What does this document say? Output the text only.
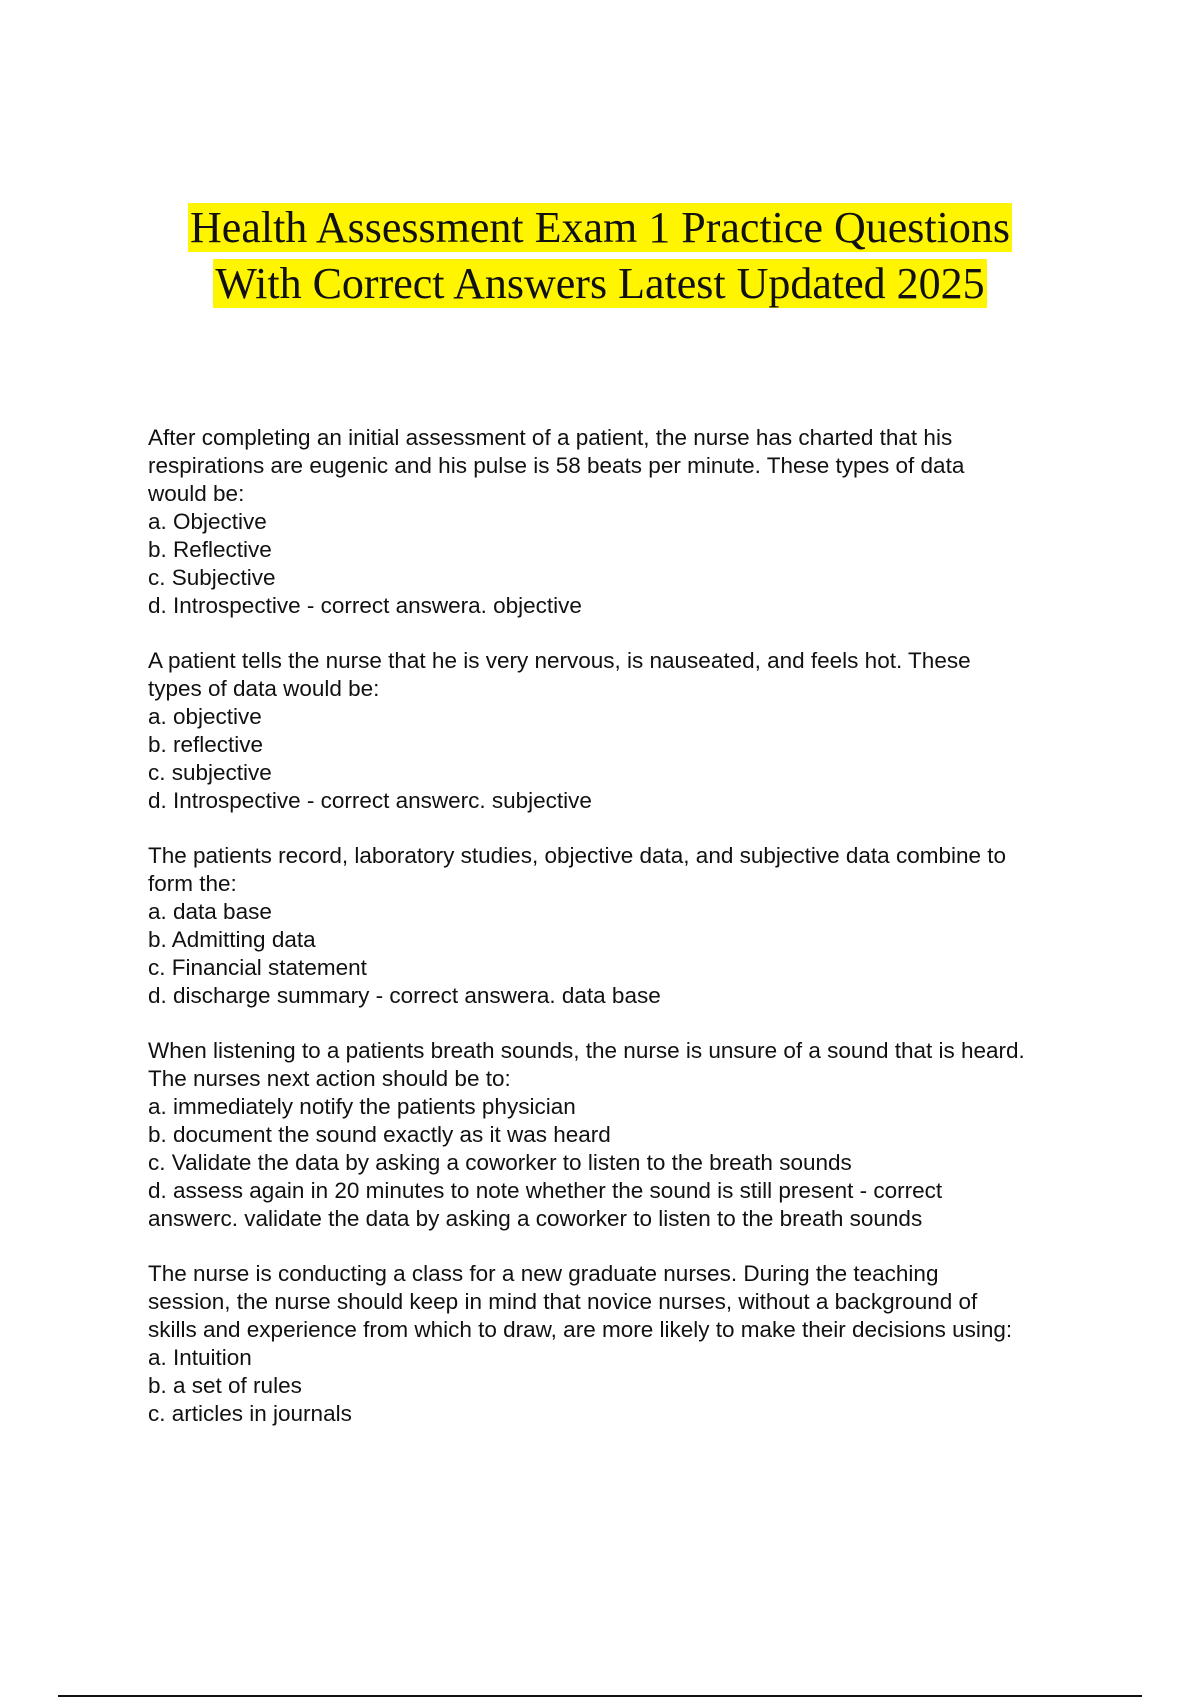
Health Assessment Exam 1 Practice Questions
With Correct Answers Latest Updated 2025
After completing an initial assessment of a patient, the nurse has charted that his
respirations are eugenic and his pulse is 58 beats per minute. These types of data
would be:
a. Objective
b. Reflective
c. Subjective
d. Introspective - correct answera. objective
A patient tells the nurse that he is very nervous, is nauseated, and feels hot. These
types of data would be:
a. objective
b. reflective
c. subjective
d. Introspective - correct answerc. subjective
The patients record, laboratory studies, objective data, and subjective data combine to
form the:
a. data base
b. Admitting data
c. Financial statement
d. discharge summary - correct answera. data base
When listening to a patients breath sounds, the nurse is unsure of a sound that is heard.
The nurses next action should be to:
a. immediately notify the patients physician
b. document the sound exactly as it was heard
c. Validate the data by asking a coworker to listen to the breath sounds
d. assess again in 20 minutes to note whether the sound is still present - correct
answerc. validate the data by asking a coworker to listen to the breath sounds
The nurse is conducting a class for a new graduate nurses. During the teaching
session, the nurse should keep in mind that novice nurses, without a background of
skills and experience from which to draw, are more likely to make their decisions using:
a. Intuition
b. a set of rules
c. articles in journals
